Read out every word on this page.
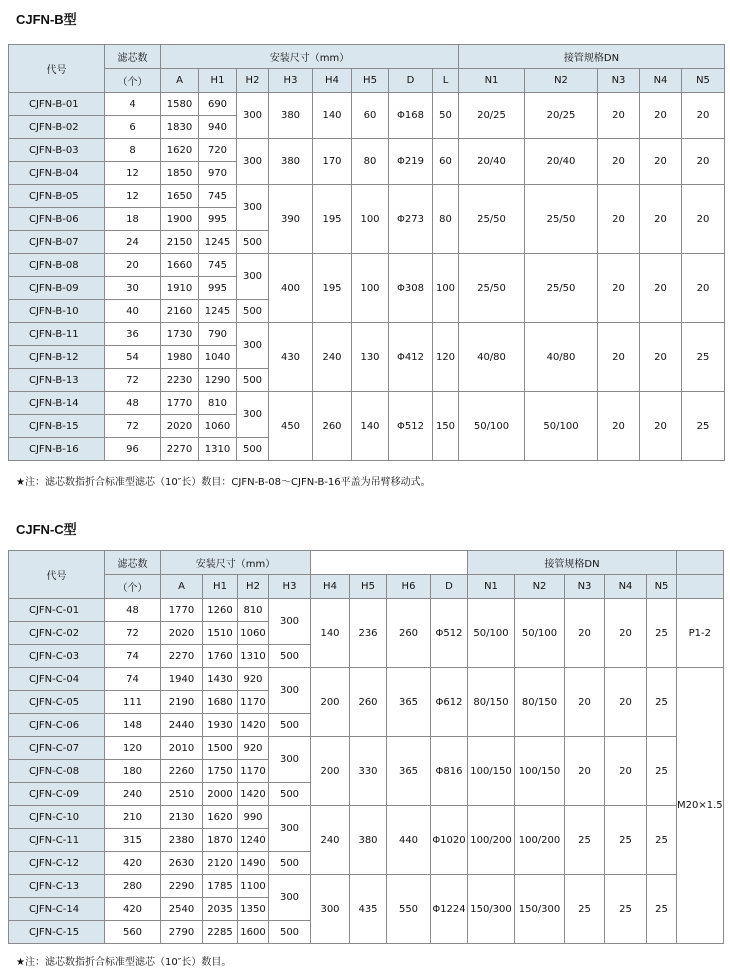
CJFN-B型
代号	滤芯数	安装尺寸（mm）								接管规格DN				
	（个）	A	H1	H2	H3	H4	H5	D	L	N1	N2	N3	N4	N5
CJFN-B-01	4	1580	690	300	380	140	60	Φ168	50	20/25	20/25	20	20	20
CJFN-B-02	6	1830	940											
CJFN-B-03	8	1620	720	300	380	170	80	Φ219	60	20/40	20/40	20	20	20
CJFN-B-04	12	1850	970											
CJFN-B-05	12	1650	745	300	390	195	100	Φ273	80	25/50	25/50	20	20	20
CJFN-B-06	18	1900	995											
CJFN-B-07	24	2150	1245	500										
CJFN-B-08	20	1660	745	300	400	195	100	Φ308	100	25/50	25/50	20	20	20
CJFN-B-09	30	1910	995											
CJFN-B-10	40	2160	1245	500										
CJFN-B-11	36	1730	790	300	430	240	130	Φ412	120	40/80	40/80	20	20	25
CJFN-B-12	54	1980	1040											
CJFN-B-13	72	2230	1290	500										
CJFN-B-14	48	1770	810	300	450	260	140	Φ512	150	50/100	50/100	20	20	25
CJFN-B-15	72	2020	1060											
CJFN-B-16	96	2270	1310	500										
★注：滤芯数指折合标准型滤芯（10″长）数目：CJFN-B-08～CJFN-B-16平盖为吊臂移动式。
CJFN-C型
代号	滤芯数	安装尺寸（mm）								接管规格DN					
	（个）	A	H1	H2	H3	H4	H5	H6	D	N1	N2	N3	N4	N5	
CJFN-C-01	48	1770	1260	810	300	140	236	260	Φ512	50/100	50/100	20	20	25	P1-2
CJFN-C-02	72	2020	1510	1060											
CJFN-C-03	74	2270	1760	1310	500										
CJFN-C-04	74	1940	1430	920	300	200	260	365	Φ612	80/150	80/150	20	20	25	M20×1.5
CJFN-C-05	111	2190	1680	1170											
CJFN-C-06	148	2440	1930	1420	500										
CJFN-C-07	120	2010	1500	920	300	200	330	365	Φ816	100/150	100/150	20	20	25	
CJFN-C-08	180	2260	1750	1170											
CJFN-C-09	240	2510	2000	1420	500										
CJFN-C-10	210	2130	1620	990	300	240	380	440	Φ1020	100/200	100/200	25	25	25	
CJFN-C-11	315	2380	1870	1240											
CJFN-C-12	420	2630	2120	1490	500										
CJFN-C-13	280	2290	1785	1100	300	300	435	550	Φ1224	150/300	150/300	25	25	25	
CJFN-C-14	420	2540	2035	1350											
CJFN-C-15	560	2790	2285	1600	500										
★注：滤芯数指折合标准型滤芯（10″长）数目。
